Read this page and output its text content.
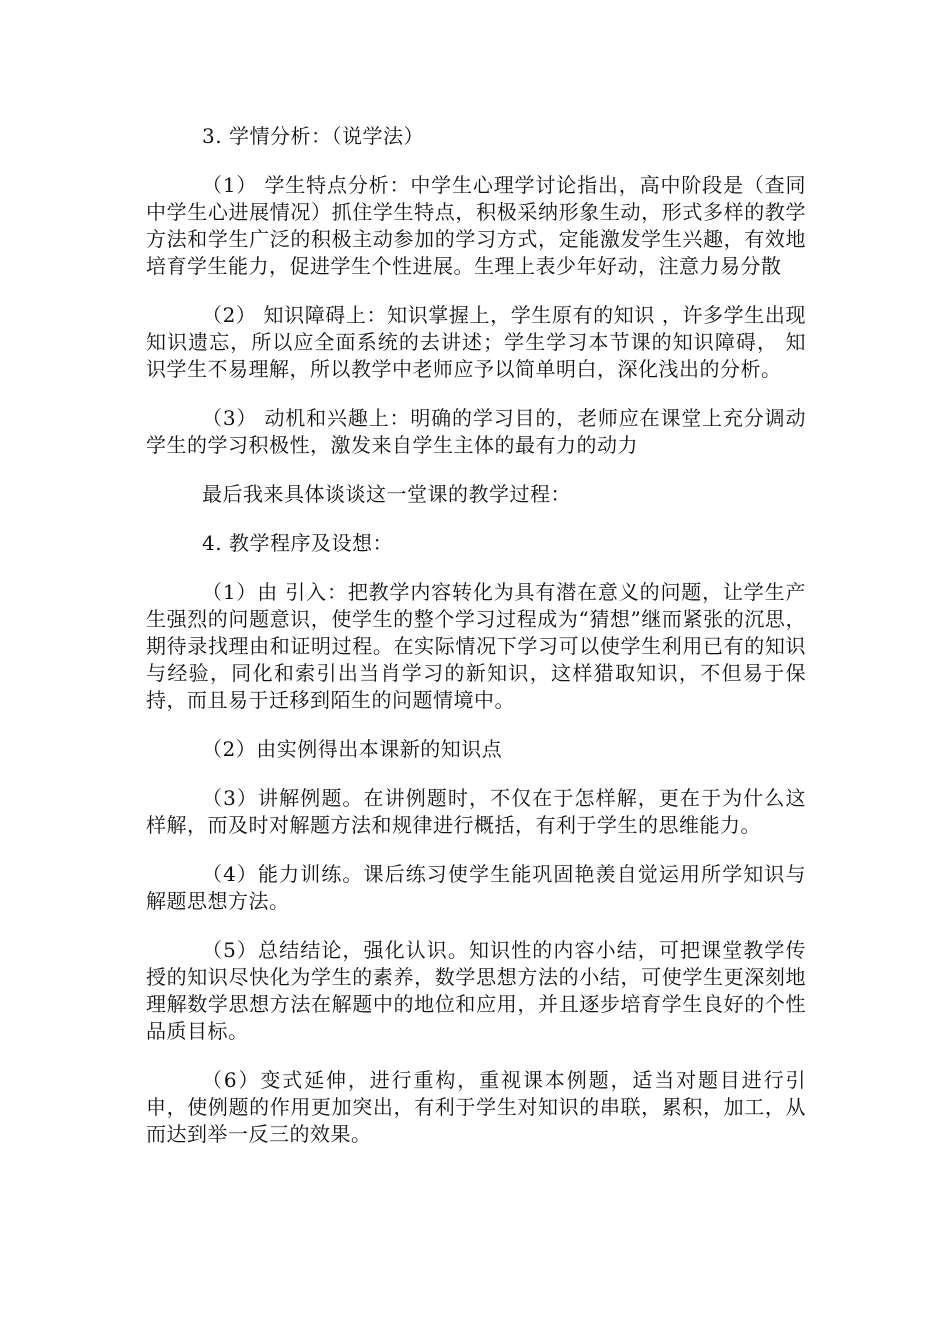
3. 学情分析：（说学法）

（1） 学生特点分析：中学生心理学讨论指出，高中阶段是（查同中学生心进展情况）抓住学生特点，积极采纳形象生动，形式多样的教学方法和学生广泛的积极主动参加的学习方式，定能激发学生兴趣，有效地培育学生能力，促进学生个性进展。生理上表少年好动，注意力易分散

（2） 知识障碍上：知识掌握上，学生原有的知识 ，许多学生出现知识遗忘，所以应全面系统的去讲述；学生学习本节课的知识障碍， 知识学生不易理解，所以教学中老师应予以简单明白，深化浅出的分析。

（3） 动机和兴趣上：明确的学习目的，老师应在课堂上充分调动学生的学习积极性，激发来自学生主体的最有力的动力

最后我来具体谈谈这一堂课的教学过程：

4. 教学程序及设想：

（1）由 引入：把教学内容转化为具有潜在意义的问题，让学生产生强烈的问题意识，使学生的整个学习过程成为“猜想”继而紧张的沉思，期待录找理由和证明过程。在实际情况下学习可以使学生利用已有的知识与经验，同化和索引出当肖学习的新知识，这样猎取知识，不但易于保持，而且易于迁移到陌生的问题情境中。

（2）由实例得出本课新的知识点

（3）讲解例题。在讲例题时，不仅在于怎样解，更在于为什么这样解，而及时对解题方法和规律进行概括，有利于学生的思维能力。

（4）能力训练。课后练习使学生能巩固艳羡自觉运用所学知识与解题思想方法。

（5）总结结论，强化认识。知识性的内容小结，可把课堂教学传授的知识尽快化为学生的素养，数学思想方法的小结，可使学生更深刻地理解数学思想方法在解题中的地位和应用，并且逐步培育学生良好的个性品质目标。

（6）变式延伸，进行重构，重视课本例题，适当对题目进行引申，使例题的作用更加突出，有利于学生对知识的串联，累积，加工，从而达到举一反三的效果。
